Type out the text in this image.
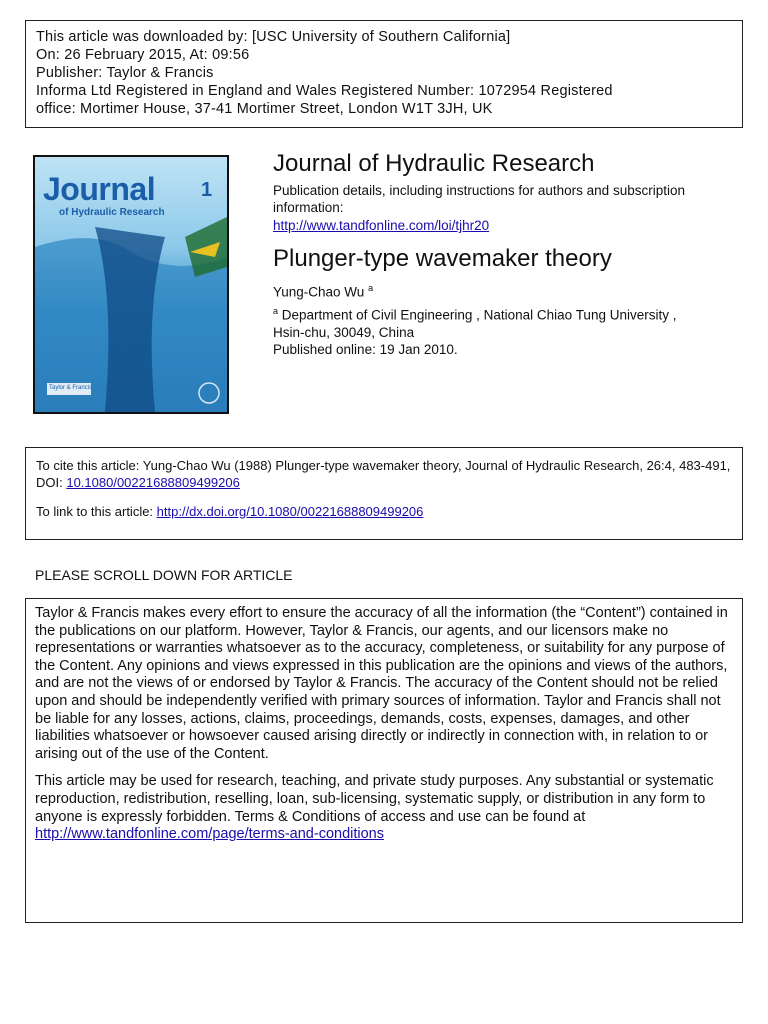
This article was downloaded by: [USC University of Southern California]
On: 26 February 2015, At: 09:56
Publisher: Taylor & Francis
Informa Ltd Registered in England and Wales Registered Number: 1072954 Registered
office: Mortimer House, 37-41 Mortimer Street, London W1T 3JH, UK
Journal
of Hydraulic Research
1
Taylor & Francis
Journal of Hydraulic Research
Publication details, including instructions for authors and subscription information:
http://www.tandfonline.com/loi/tjhr20
Plunger-type wavemaker theory
Yung-Chao Wu $^a$
$^a$ Department of Civil Engineering , National Chiao Tung University , Hsin-chu, 30049, China
Published online: 19 Jan 2010.
To cite this article: Yung-Chao Wu (1988) Plunger-type wavemaker theory, Journal of Hydraulic Research, 26:4, 483-491, DOI: 10.1080/00221688809499206
To link to this article: http://dx.doi.org/10.1080/00221688809499206
PLEASE SCROLL DOWN FOR ARTICLE

Taylor & Francis makes every effort to ensure the accuracy of all the information (the “Content”) contained in the publications on our platform. However, Taylor & Francis, our agents, and our licensors make no representations or warranties whatsoever as to the accuracy, completeness, or suitability for any purpose of the Content. Any opinions and views expressed in this publication are the opinions and views of the authors, and are not the views of or endorsed by Taylor & Francis. The accuracy of the Content should not be relied upon and should be independently verified with primary sources of information. Taylor and Francis shall not be liable for any losses, actions, claims, proceedings, demands, costs, expenses, damages, and other liabilities whatsoever or howsoever caused arising directly or indirectly in connection with, in relation to or arising out of the use of the Content.

This article may be used for research, teaching, and private study purposes. Any substantial or systematic reproduction, redistribution, reselling, loan, sub-licensing, systematic supply, or distribution in any form to anyone is expressly forbidden. Terms & Conditions of access and use can be found at http://www.tandfonline.com/page/terms-and-conditions
